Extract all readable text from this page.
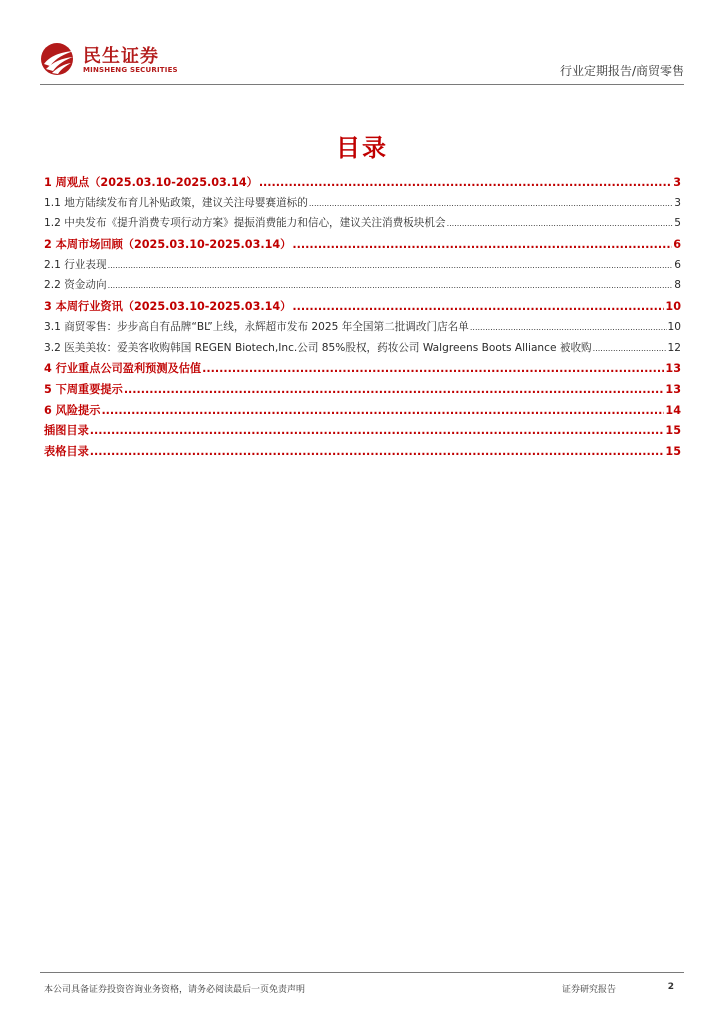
民生证券
MINSHENG SECURITIES	行业定期报告/商贸零售
目录
1 周观点（2025.03.10-2025.03.14） .....	3
1.1 地方陆续发布育儿补贴政策，建议关注母婴赛道标的 .....	3
1.2 中央发布《提升消费专项行动方案》提振消费能力和信心，建议关注消费板块机会 .....	5
2 本周市场回顾（2025.03.10-2025.03.14） .....	6
2.1 行业表现 .....	6
2.2 资金动向 .....	8
3 本周行业资讯（2025.03.10-2025.03.14） .....	10
3.1 商贸零售：步步高自有品牌“BL”上线，永辉超市发布 2025 年全国第二批调改门店名单 .....	10
3.2 医美美妆：爱美客收购韩国 REGEN Biotech,Inc.公司 85%股权，药妆公司 Walgreens Boots Alliance 被收购 .....	12
4 行业重点公司盈利预测及估值 .....	13
5 下周重要提示 .....	13
6 风险提示 .....	14
插图目录 .....	15
表格目录 .....	15
本公司具备证券投资咨询业务资格，请务必阅读最后一页免责声明	证券研究报告	2
